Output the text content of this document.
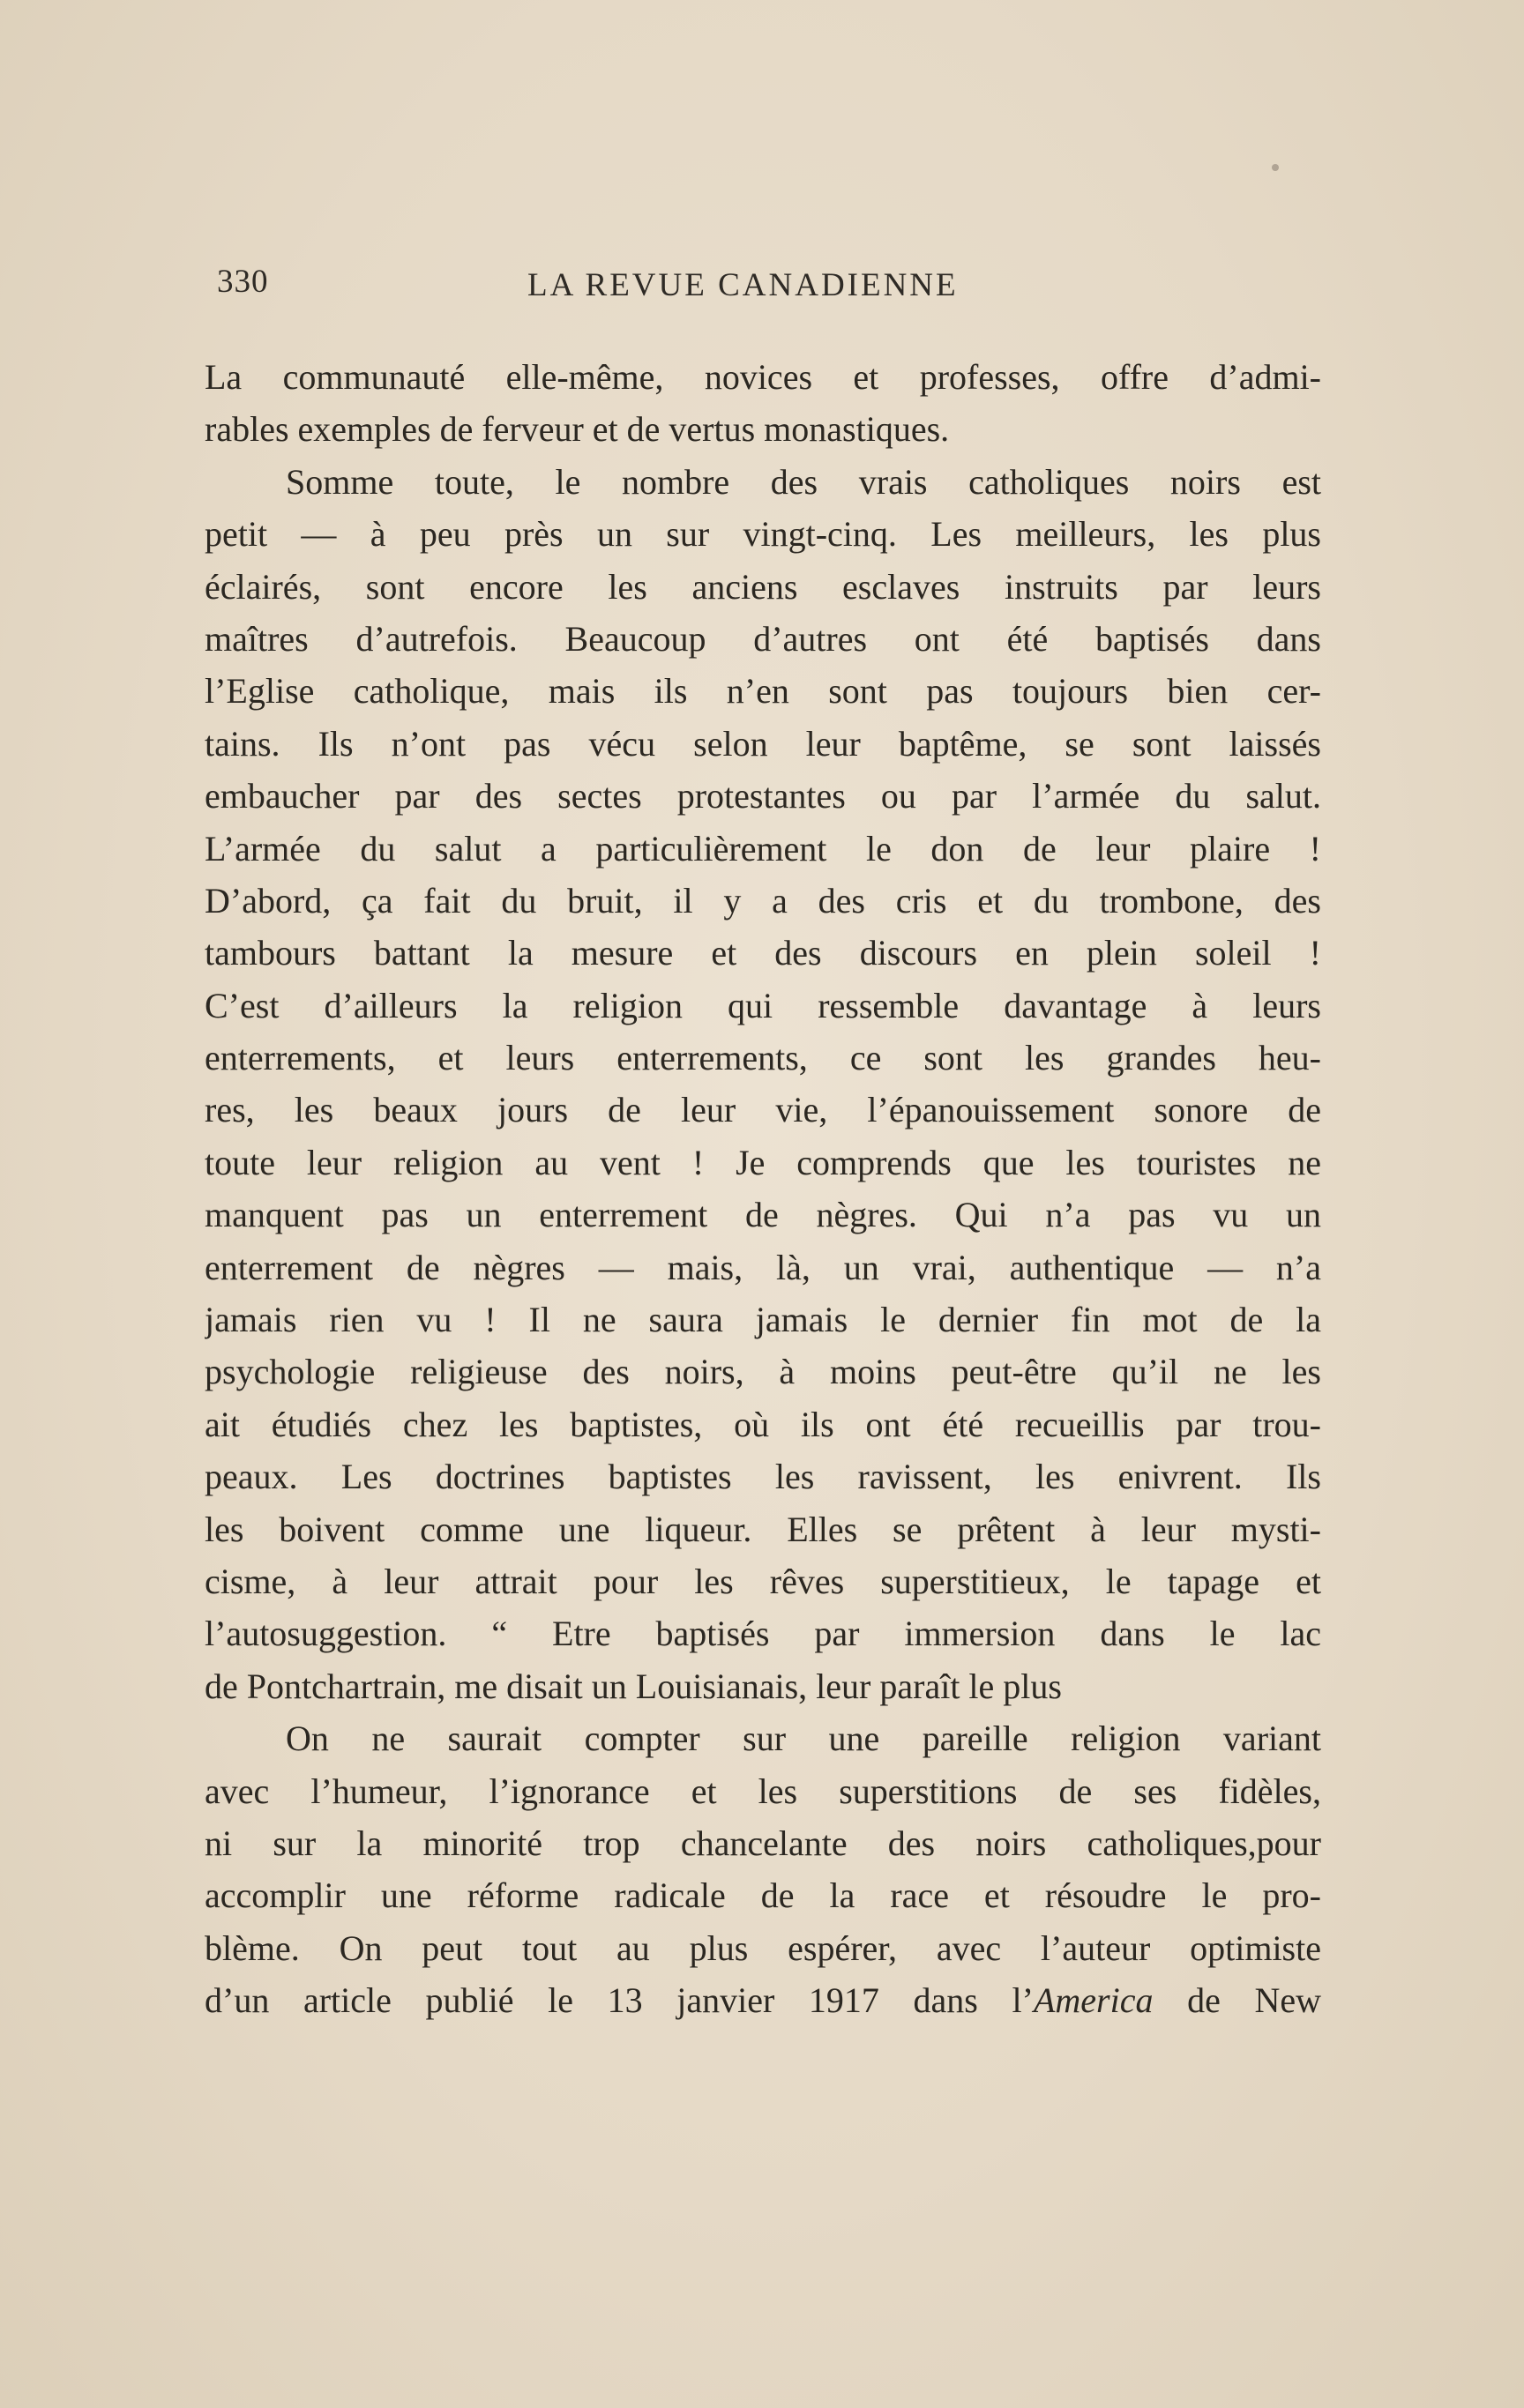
330	LA REVUE CANADIENNE
La communauté elle-même, novices et professes, offre d’admi-
rables exemples de ferveur et de vertus monastiques.
Somme toute, le nombre des vrais catholiques noirs est
petit — à peu près un sur vingt-cinq. Les meilleurs, les plus
éclairés, sont encore les anciens esclaves instruits par leurs
maîtres d’autrefois. Beaucoup d’autres ont été baptisés dans
l’Eglise catholique, mais ils n’en sont pas toujours bien cer-
tains. Ils n’ont pas vécu selon leur baptême, se sont laissés
embaucher par des sectes protestantes ou par l’armée du salut.
L’armée du salut a particulièrement le don de leur plaire !
D’abord, ça fait du bruit, il y a des cris et du trombone, des
tambours battant la mesure et des discours en plein soleil !
C’est d’ailleurs la religion qui ressemble davantage à leurs
enterrements, et leurs enterrements, ce sont les grandes heu-
res, les beaux jours de leur vie, l’épanouissement sonore de
toute leur religion au vent ! Je comprends que les touristes ne
manquent pas un enterrement de nègres. Qui n’a pas vu un
enterrement de nègres — mais, là, un vrai, authentique — n’a
jamais rien vu ! Il ne saura jamais le dernier fin mot de la
psychologie religieuse des noirs, à moins peut-être qu’il ne les
ait étudiés chez les baptistes, où ils ont été recueillis par trou-
peaux. Les doctrines baptistes les ravissent, les enivrent. Ils
les boivent comme une liqueur. Elles se prêtent à leur mysti-
cisme, à leur attrait pour les rêves superstitieux, le tapage et
l’autosuggestion. “ Etre baptisés par immersion dans le lac
de Pontchartrain, me disait un Louisianais, leur paraît le plus
On ne saurait compter sur une pareille religion variant
avec l’humeur, l’ignorance et les superstitions de ses fidèles,
ni sur la minorité trop chancelante des noirs catholiques,pour
accomplir une réforme radicale de la race et résoudre le pro-
blème. On peut tout au plus espérer, avec l’auteur optimiste
d’un article publié le 13 janvier 1917 dans l’America de New
